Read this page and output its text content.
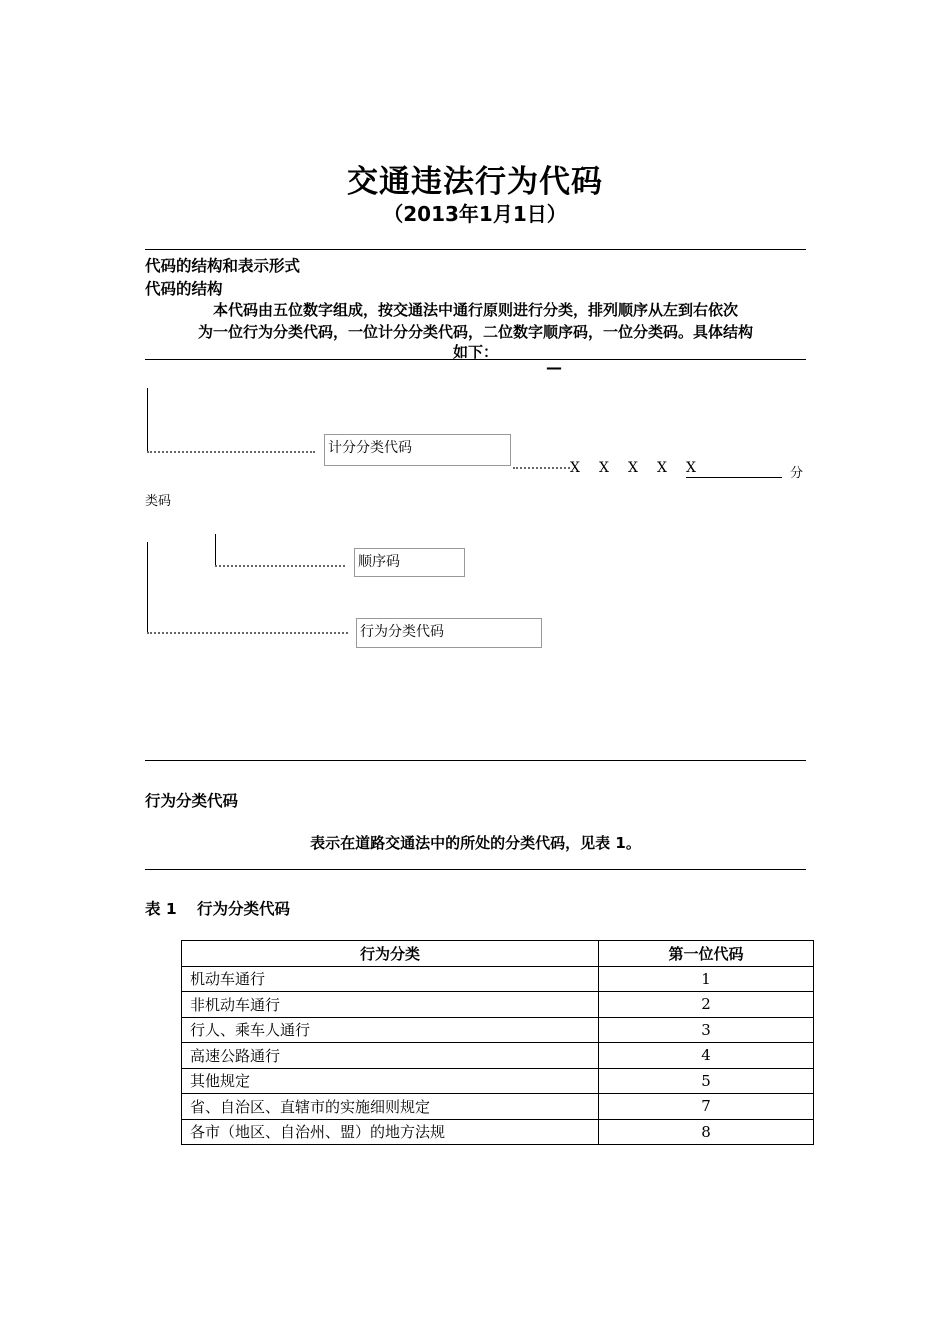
交通违法行为代码
（2013年1月1日）
代码的结构和表示形式
代码的结构
本代码由五位数字组成，按交通法中通行原则进行分类，排列顺序从左到右依次
为一位行为分类代码，一位计分分类代码，二位数字顺序码，一位分类码。具体结构
如下：
—
计分分类代码
X X X X X	分
类码
顺序码
行为分类代码
行为分类代码
表示在道路交通法中的所处的分类代码，见表 1。
表 1 行为分类代码
行为分类	第一位代码
机动车通行	1
非机动车通行	2
行人、乘车人通行	3
高速公路通行	4
其他规定	5
省、自治区、直辖市的实施细则规定	7
各市（地区、自治州、盟）的地方法规	8
